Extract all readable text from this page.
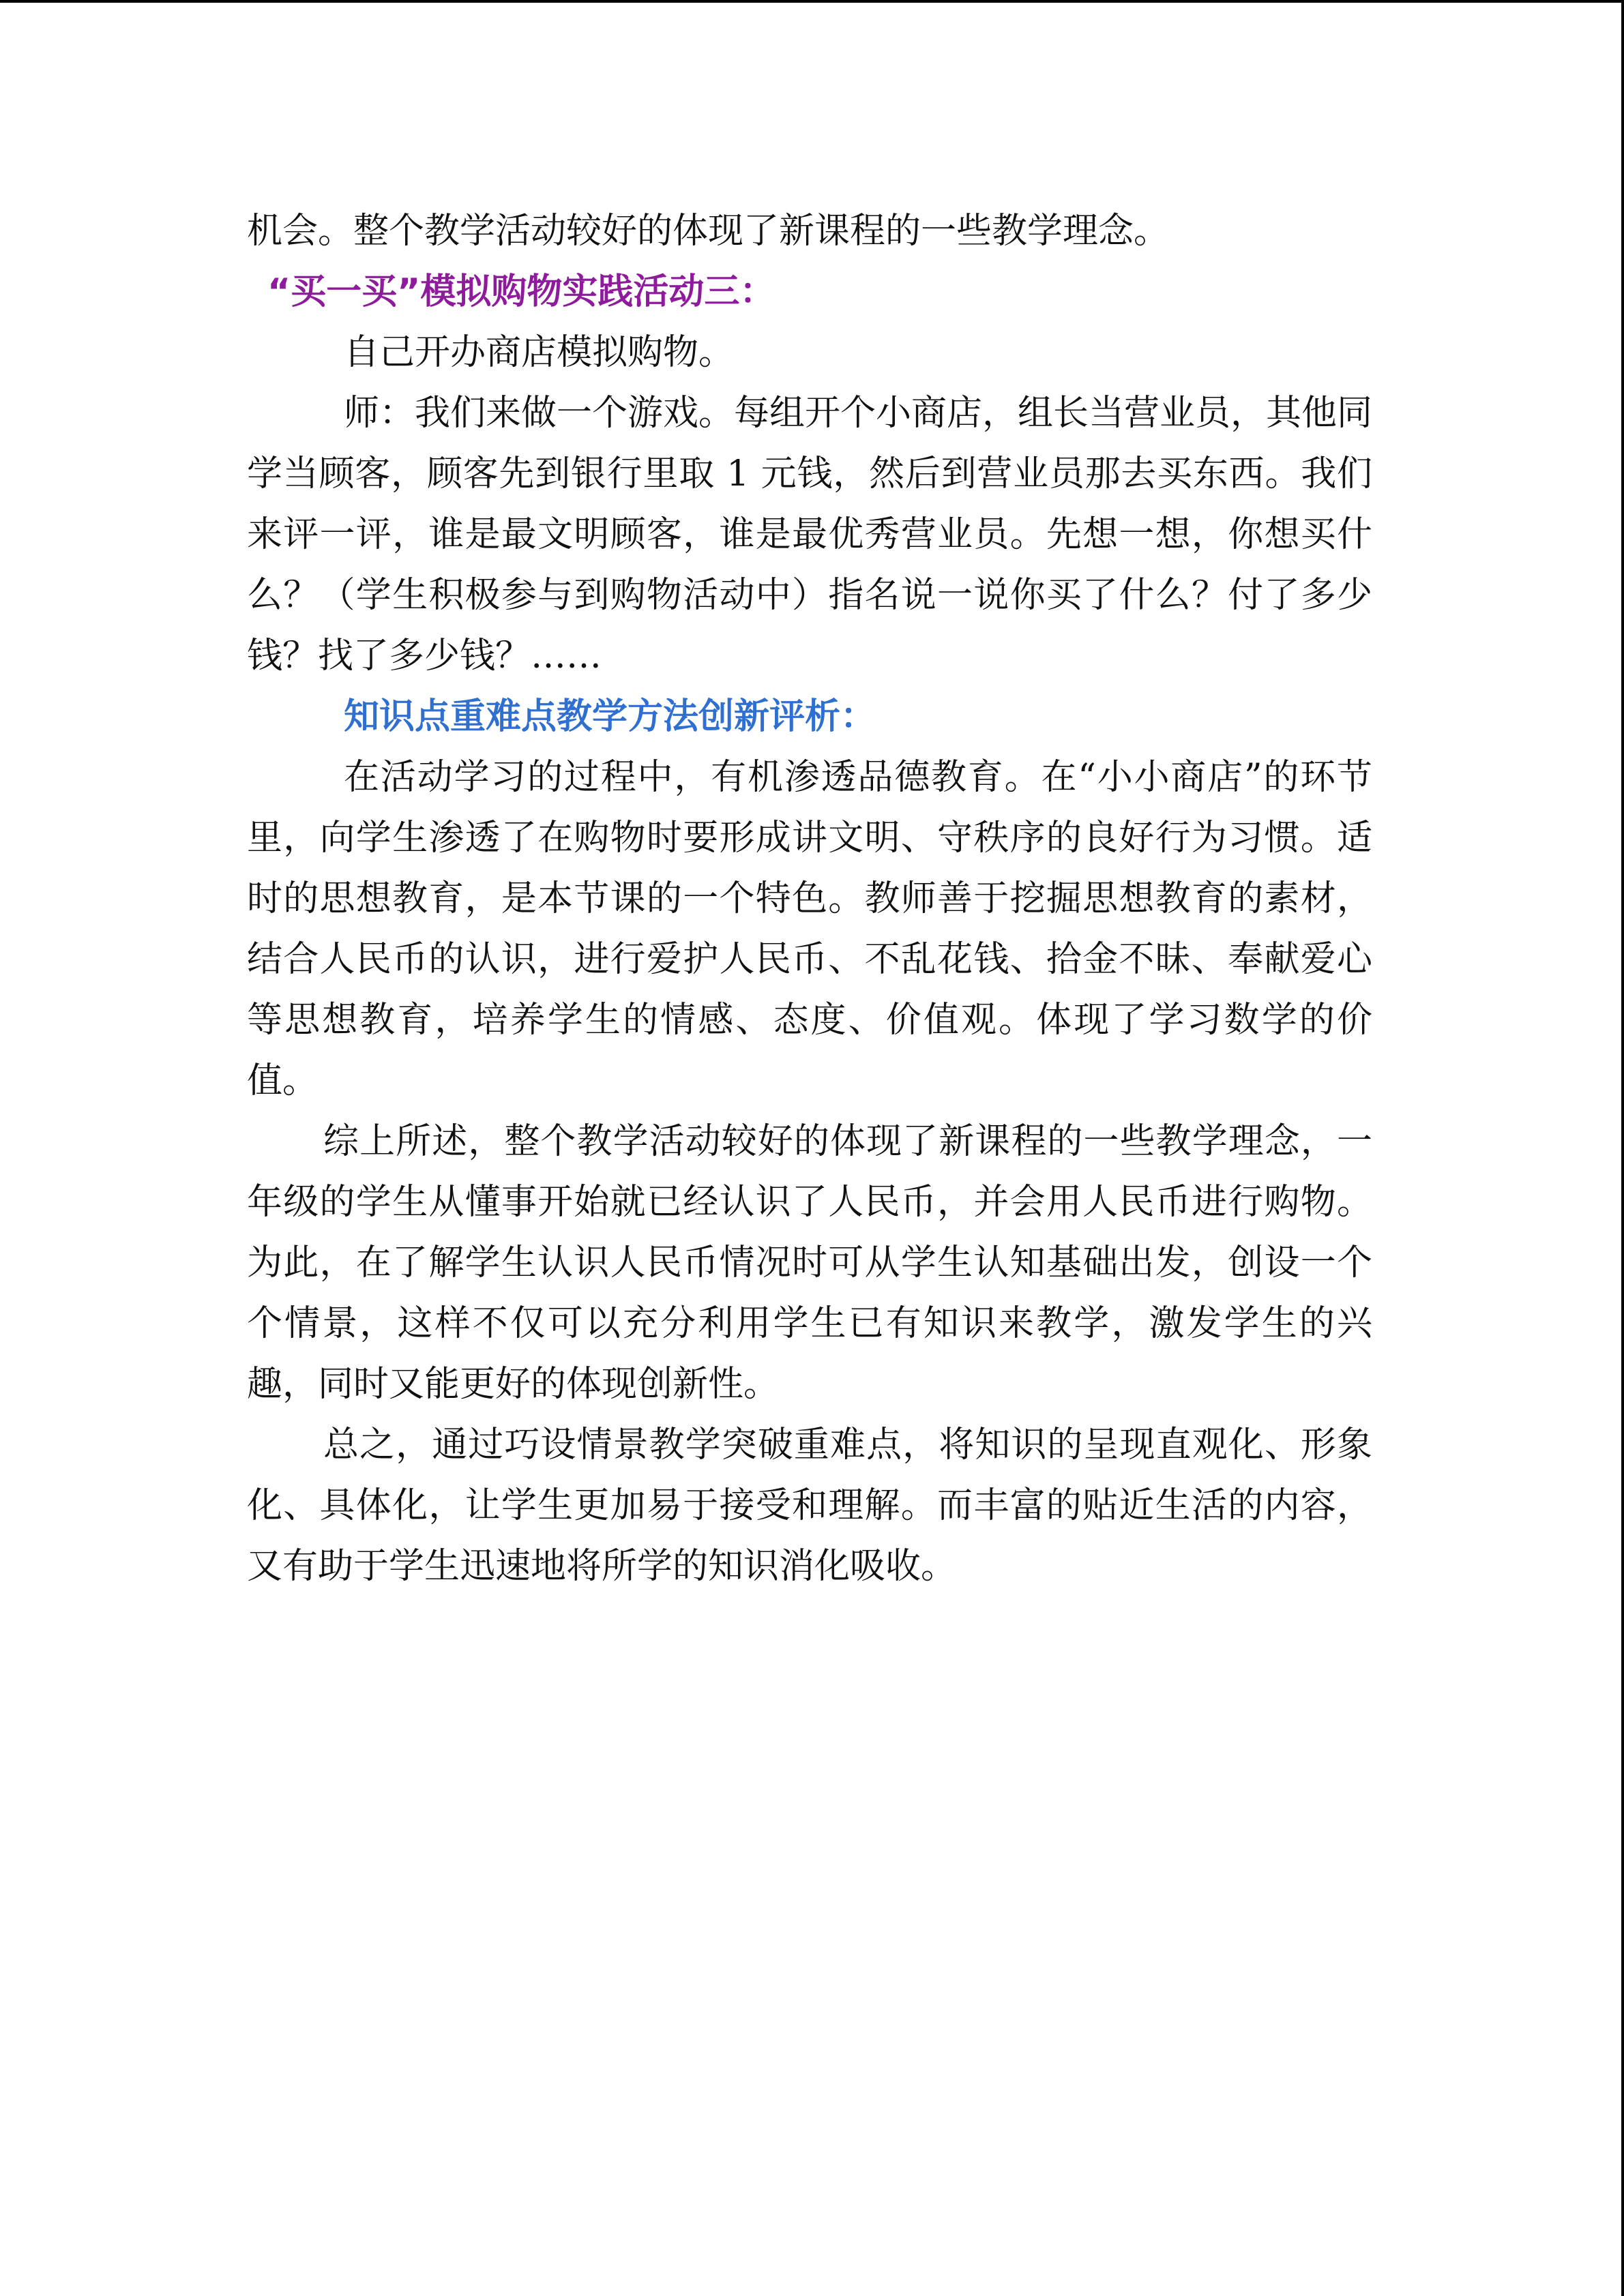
机会。整个教学活动较好的体现了新课程的一些教学理念。

“买一买”模拟购物实践活动三：

自己开办商店模拟购物。

师：我们来做一个游戏。每组开个小商店，组长当营业员，其他同学当顾客，顾客先到银行里取 1 元钱，然后到营业员那去买东西。我们来评一评，谁是最文明顾客，谁是最优秀营业员。先想一想，你想买什么？（学生积极参与到购物活动中）指名说一说你买了什么？付了多少钱？找了多少钱？……

知识点重难点教学方法创新评析：

在活动学习的过程中，有机渗透品德教育。在“小小商店”的环节里，向学生渗透了在购物时要形成讲文明、守秩序的良好行为习惯。适时的思想教育，是本节课的一个特色。教师善于挖掘思想教育的素材，结合人民币的认识，进行爱护人民币、不乱花钱、拾金不昧、奉献爱心等思想教育，培养学生的情感、态度、价值观。体现了学习数学的价值。

综上所述，整个教学活动较好的体现了新课程的一些教学理念，一年级的学生从懂事开始就已经认识了人民币，并会用人民币进行购物。为此，在了解学生认识人民币情况时可从学生认知基础出发，创设一个个情景，这样不仅可以充分利用学生已有知识来教学，激发学生的兴趣，同时又能更好的体现创新性。

总之，通过巧设情景教学突破重难点，将知识的呈现直观化、形象化、具体化，让学生更加易于接受和理解。而丰富的贴近生活的内容，又有助于学生迅速地将所学的知识消化吸收。
